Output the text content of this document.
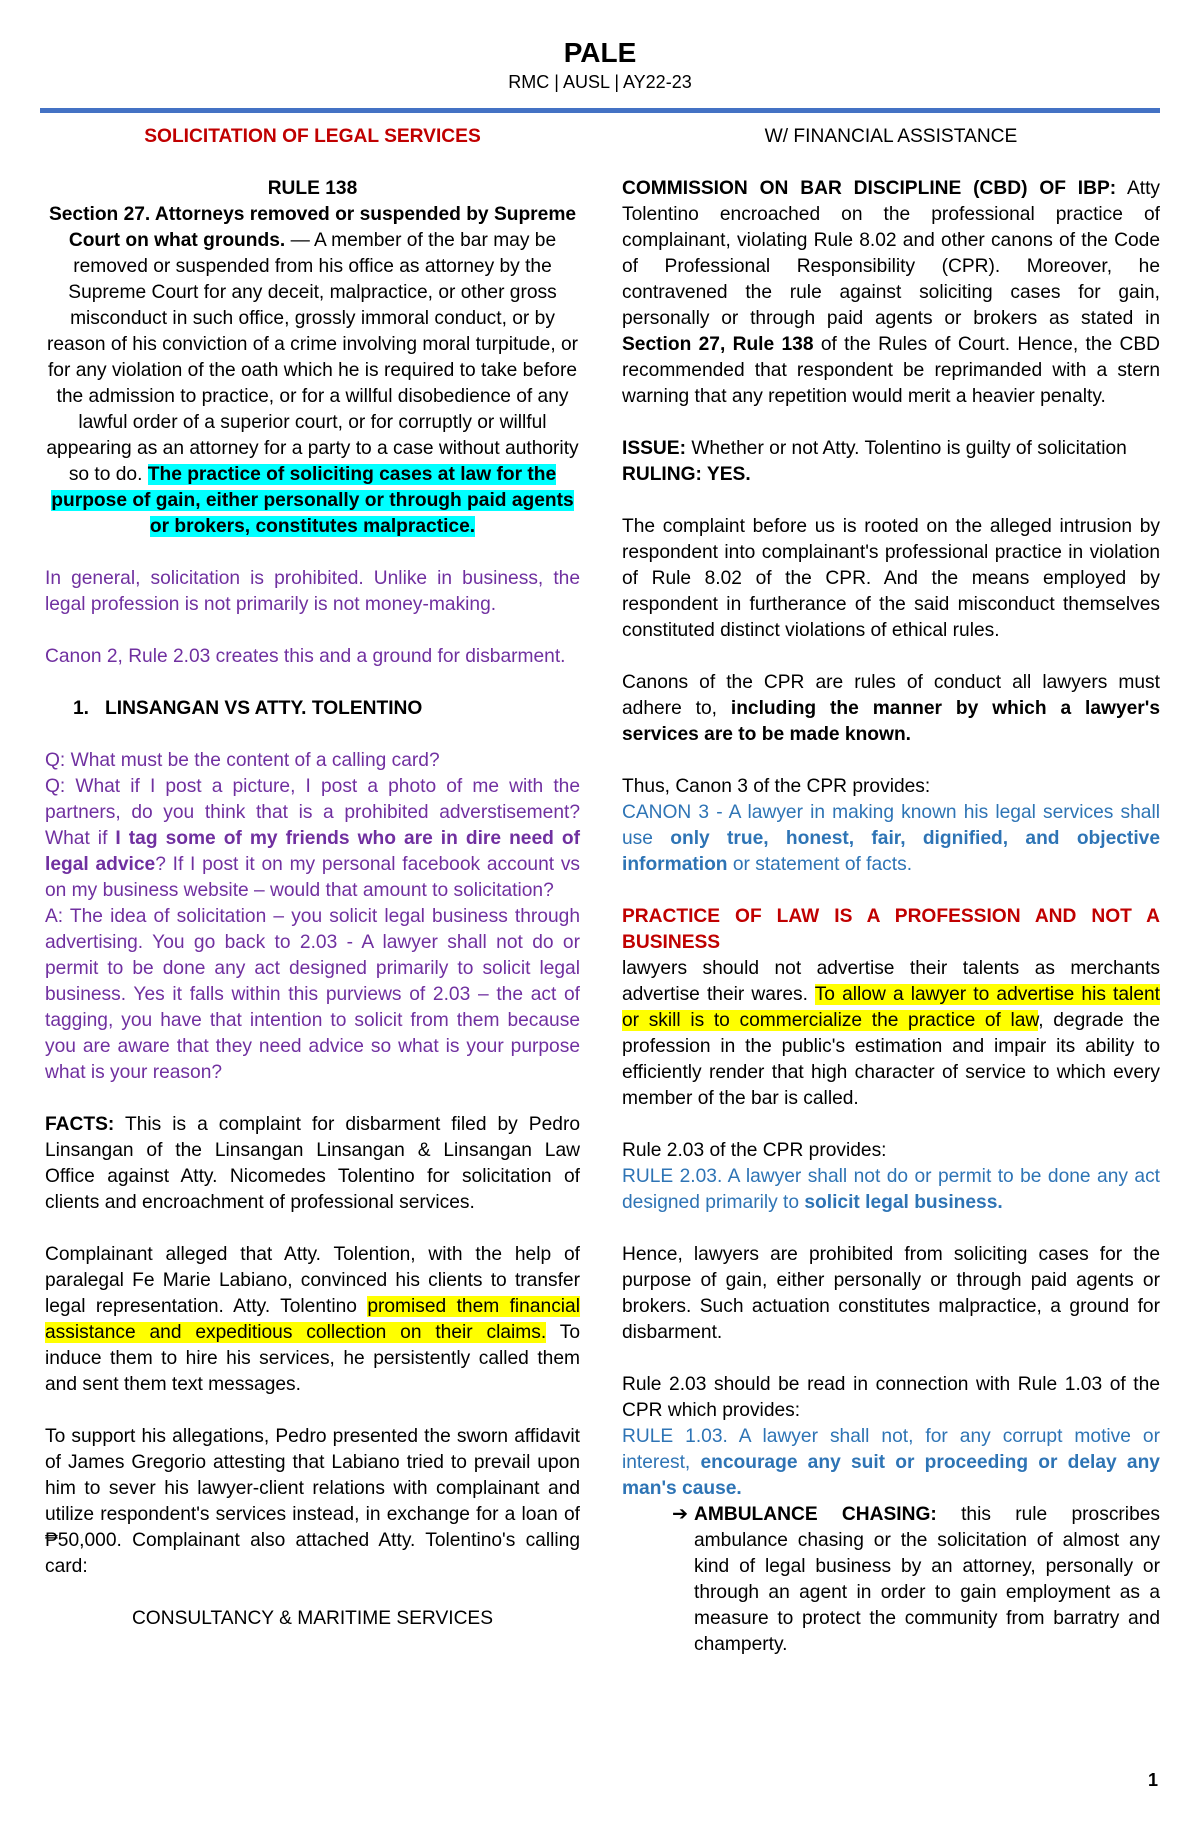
PALE
RMC | AUSL | AY22-23

SOLICITATION OF LEGAL SERVICES

RULE 138

Section 27. Attorneys removed or suspended by Supreme Court on what grounds. — A member of the bar may be removed or suspended from his office as attorney by the Supreme Court for any deceit, malpractice, or other gross misconduct in such office, grossly immoral conduct, or by reason of his conviction of a crime involving moral turpitude, or for any violation of the oath which he is required to take before the admission to practice, or for a willful disobedience of any lawful order of a superior court, or for corruptly or willful appearing as an attorney for a party to a case without authority so to do. The practice of soliciting cases at law for the purpose of gain, either personally or through paid agents or brokers, constitutes malpractice.

In general, solicitation is prohibited. Unlike in business, the legal profession is not primarily is not money-making.

Canon 2, Rule 2.03 creates this and a ground for disbarment.

1. LINSANGAN VS ATTY. TOLENTINO

Q: What must be the content of a calling card?

Q: What if I post a picture, I post a photo of me with the partners, do you think that is a prohibited adverstisement? What if I tag some of my friends who are in dire need of legal advice? If I post it on my personal facebook account vs on my business website – would that amount to solicitation?

A: The idea of solicitation – you solicit legal business through advertising. You go back to 2.03 - A lawyer shall not do or permit to be done any act designed primarily to solicit legal business. Yes it falls within this purviews of 2.03 – the act of tagging, you have that intention to solicit from them because you are aware that they need advice so what is your purpose what is your reason?

FACTS: This is a complaint for disbarment filed by Pedro Linsangan of the Linsangan Linsangan & Linsangan Law Office against Atty. Nicomedes Tolentino for solicitation of clients and encroachment of professional services.

Complainant alleged that Atty. Tolention, with the help of paralegal Fe Marie Labiano, convinced his clients to transfer legal representation. Atty. Tolentino promised them financial assistance and expeditious collection on their claims. To induce them to hire his services, he persistently called them and sent them text messages.

To support his allegations, Pedro presented the sworn affidavit of James Gregorio attesting that Labiano tried to prevail upon him to sever his lawyer-client relations with complainant and utilize respondent's services instead, in exchange for a loan of ₱50,000. Complainant also attached Atty. Tolentino's calling card:

CONSULTANCY & MARITIME SERVICES

W/ FINANCIAL ASSISTANCE

COMMISSION ON BAR DISCIPLINE (CBD) OF IBP: Atty Tolentino encroached on the professional practice of complainant, violating Rule 8.02 and other canons of the Code of Professional Responsibility (CPR). Moreover, he contravened the rule against soliciting cases for gain, personally or through paid agents or brokers as stated in Section 27, Rule 138 of the Rules of Court. Hence, the CBD recommended that respondent be reprimanded with a stern warning that any repetition would merit a heavier penalty.

ISSUE: Whether or not Atty. Tolentino is guilty of solicitation

RULING: YES.

The complaint before us is rooted on the alleged intrusion by respondent into complainant's professional practice in violation of Rule 8.02 of the CPR. And the means employed by respondent in furtherance of the said misconduct themselves constituted distinct violations of ethical rules.

Canons of the CPR are rules of conduct all lawyers must adhere to, including the manner by which a lawyer's services are to be made known.

Thus, Canon 3 of the CPR provides:

CANON 3 - A lawyer in making known his legal services shall use only true, honest, fair, dignified, and objective information or statement of facts.

PRACTICE OF LAW IS A PROFESSION AND NOT A BUSINESS

lawyers should not advertise their talents as merchants advertise their wares. To allow a lawyer to advertise his talent or skill is to commercialize the practice of law, degrade the profession in the public's estimation and impair its ability to efficiently render that high character of service to which every member of the bar is called.

Rule 2.03 of the CPR provides:

RULE 2.03. A lawyer shall not do or permit to be done any act designed primarily to solicit legal business.

Hence, lawyers are prohibited from soliciting cases for the purpose of gain, either personally or through paid agents or brokers. Such actuation constitutes malpractice, a ground for disbarment.

Rule 2.03 should be read in connection with Rule 1.03 of the CPR which provides:

RULE 1.03. A lawyer shall not, for any corrupt motive or interest, encourage any suit or proceeding or delay any man's cause.

➔ AMBULANCE CHASING: this rule proscribes ambulance chasing or the solicitation of almost any kind of legal business by an attorney, personally or through an agent in order to gain employment as a measure to protect the community from barratry and champerty.
1
